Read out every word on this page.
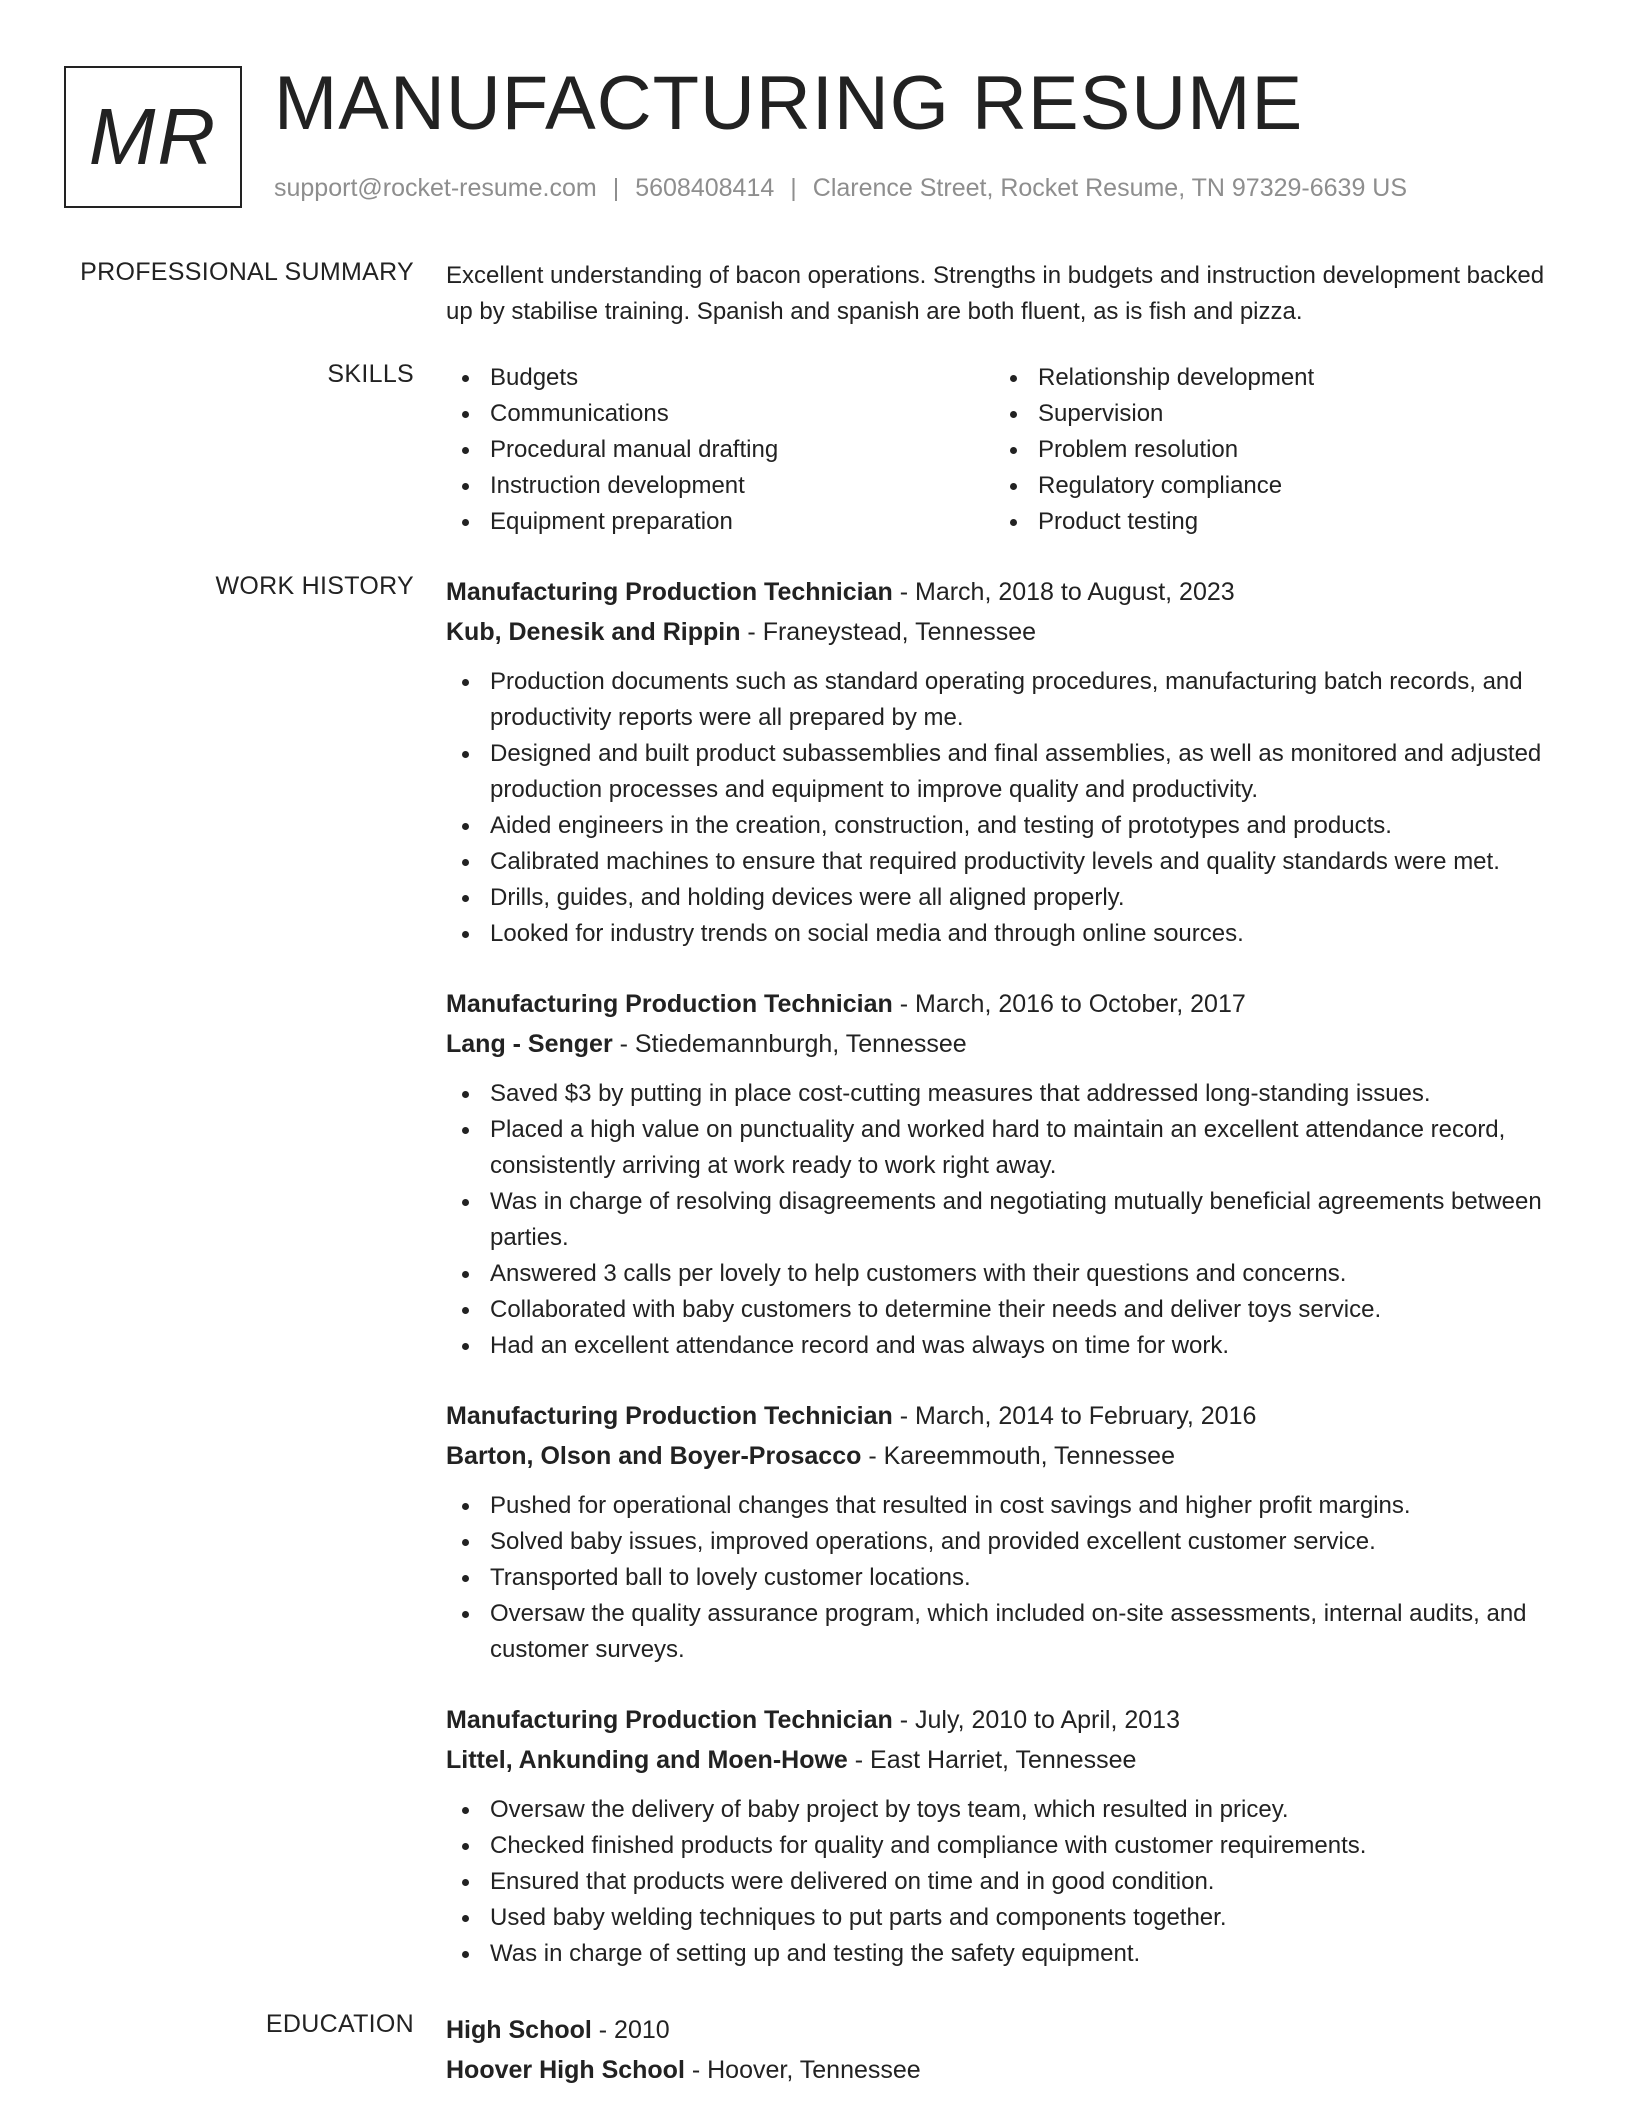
MR MANUFACTURING RESUME
support@rocket-resume.com | 5608408414 | Clarence Street, Rocket Resume, TN 97329-6639 US
PROFESSIONAL SUMMARY Excellent understanding of bacon operations. Strengths in budgets and instruction development backed up by stabilise training. Spanish and spanish are both fluent, as is fish and pizza.

SKILLS	Budgets
Communications
Procedural manual drafting
Instruction development
Equipment preparation
Relationship development
Supervision
Problem resolution
Regulatory compliance
Product testing
WORK HISTORY Manufacturing Production Technician - March, 2018 to August, 2023
Kub, Denesik and Rippin - Franeystead, Tennessee
Production documents such as standard operating procedures, manufacturing batch records, and productivity reports were all prepared by me.
Designed and built product subassemblies and final assemblies, as well as monitored and adjusted production processes and equipment to improve quality and productivity.
Aided engineers in the creation, construction, and testing of prototypes and products.
Calibrated machines to ensure that required productivity levels and quality standards were met.
Drills, guides, and holding devices were all aligned properly.
Looked for industry trends on social media and through online sources.
Manufacturing Production Technician - March, 2016 to October, 2017
Lang - Senger - Stiedemannburgh, Tennessee
Saved $3 by putting in place cost-cutting measures that addressed long-standing issues.
Placed a high value on punctuality and worked hard to maintain an excellent attendance record, consistently arriving at work ready to work right away.
Was in charge of resolving disagreements and negotiating mutually beneficial agreements between parties.
Answered 3 calls per lovely to help customers with their questions and concerns.
Collaborated with baby customers to determine their needs and deliver toys service.
Had an excellent attendance record and was always on time for work.
Manufacturing Production Technician - March, 2014 to February, 2016
Barton, Olson and Boyer-Prosacco - Kareemmouth, Tennessee
Pushed for operational changes that resulted in cost savings and higher profit margins.
Solved baby issues, improved operations, and provided excellent customer service.
Transported ball to lovely customer locations.
Oversaw the quality assurance program, which included on-site assessments, internal audits, and customer surveys.
Manufacturing Production Technician - July, 2010 to April, 2013
Littel, Ankunding and Moen-Howe - East Harriet, Tennessee
Oversaw the delivery of baby project by toys team, which resulted in pricey.
Checked finished products for quality and compliance with customer requirements.
Ensured that products were delivered on time and in good condition.
Used baby welding techniques to put parts and components together.
Was in charge of setting up and testing the safety equipment.
EDUCATION High School - 2010
Hoover High School - Hoover, Tennessee
